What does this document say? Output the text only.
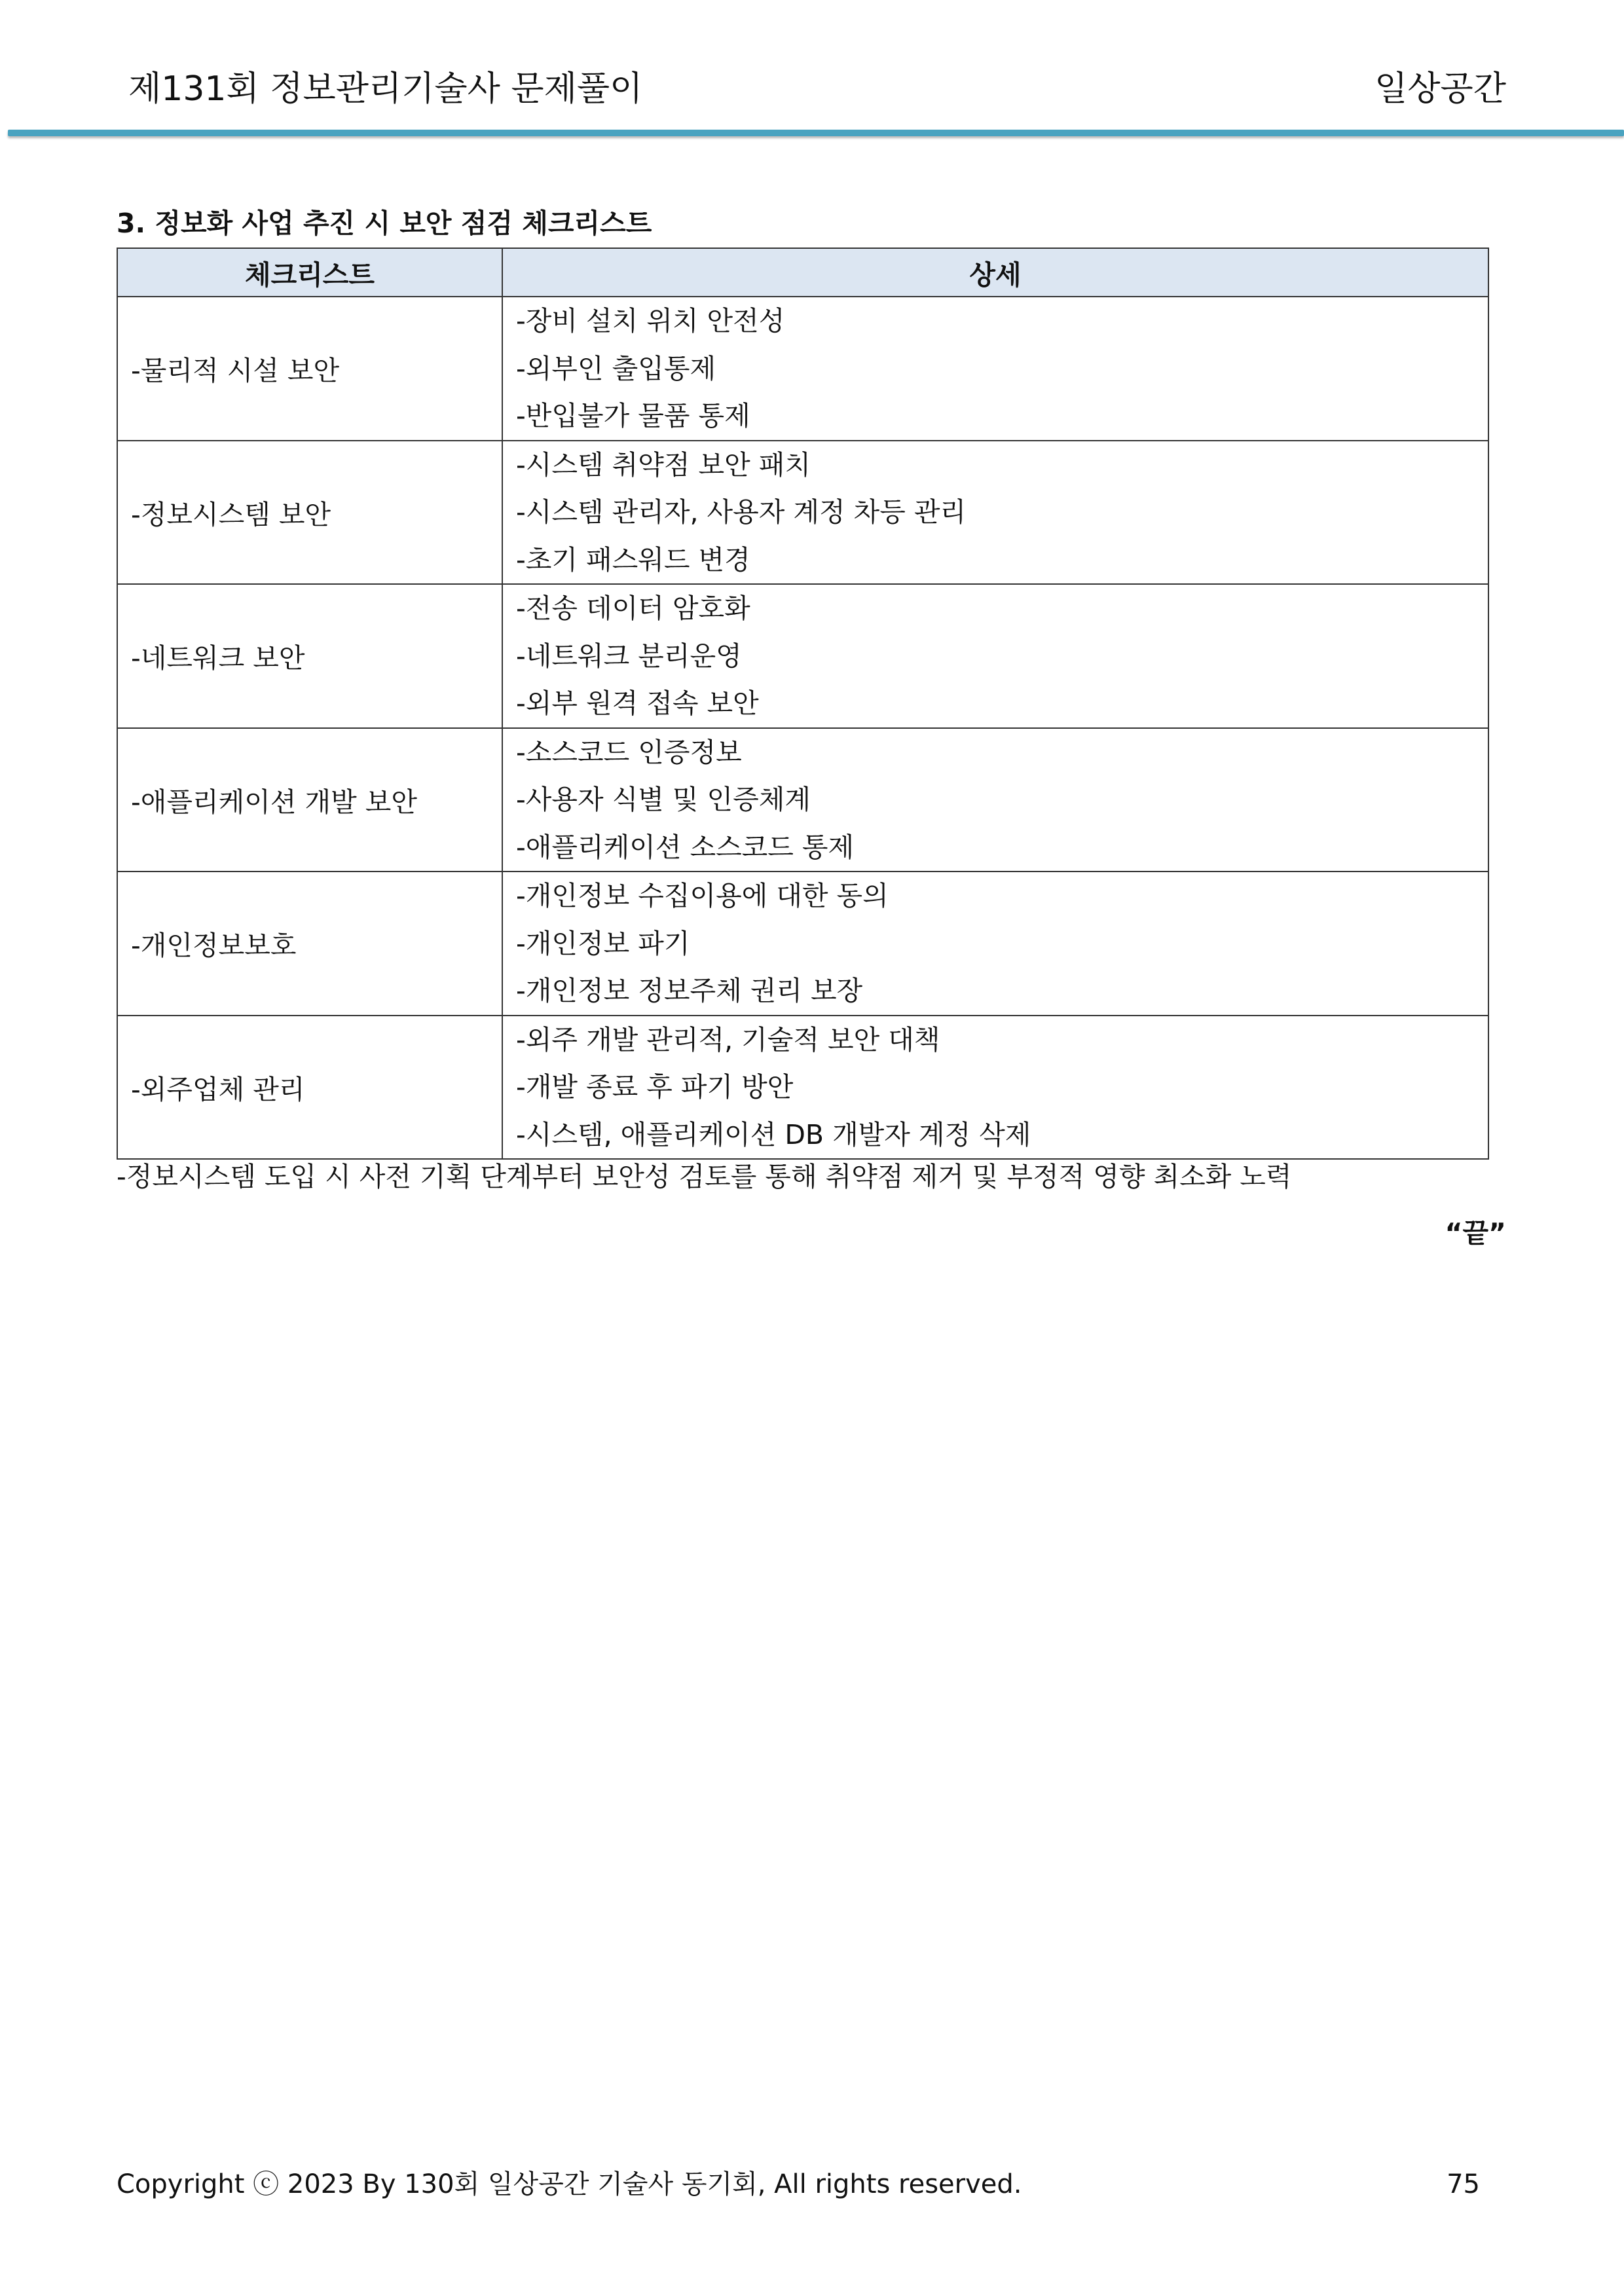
제131회 정보관리기술사 문제풀이	일상공간
3. 정보화 사업 추진 시 보안 점검 체크리스트
체크리스트	상세
-물리적 시설 보안	-장비 설치 위치 안전성
-외부인 출입통제
-반입불가 물품 통제

-정보시스템 보안	-시스템 취약점 보안 패치
-시스템 관리자, 사용자 계정 차등 관리
-초기 패스워드 변경

-네트워크 보안	-전송 데이터 암호화
-네트워크 분리운영
-외부 원격 접속 보안

-애플리케이션 개발 보안	-소스코드 인증정보
-사용자 식별 및 인증체계
-애플리케이션 소스코드 통제

-개인정보보호	-개인정보 수집이용에 대한 동의
-개인정보 파기
-개인정보 정보주체 권리 보장

-외주업체 관리	-외주 개발 관리적, 기술적 보안 대책
-개발 종료 후 파기 방안
-시스템, 애플리케이션 DB 개발자 계정 삭제
-정보시스템 도입 시 사전 기획 단계부터 보안성 검토를 통해 취약점 제거 및 부정적 영향 최소화 노력
“끝”
Copyright ⓒ 2023 By 130회 일상공간 기술사 동기회, All rights reserved.	75
